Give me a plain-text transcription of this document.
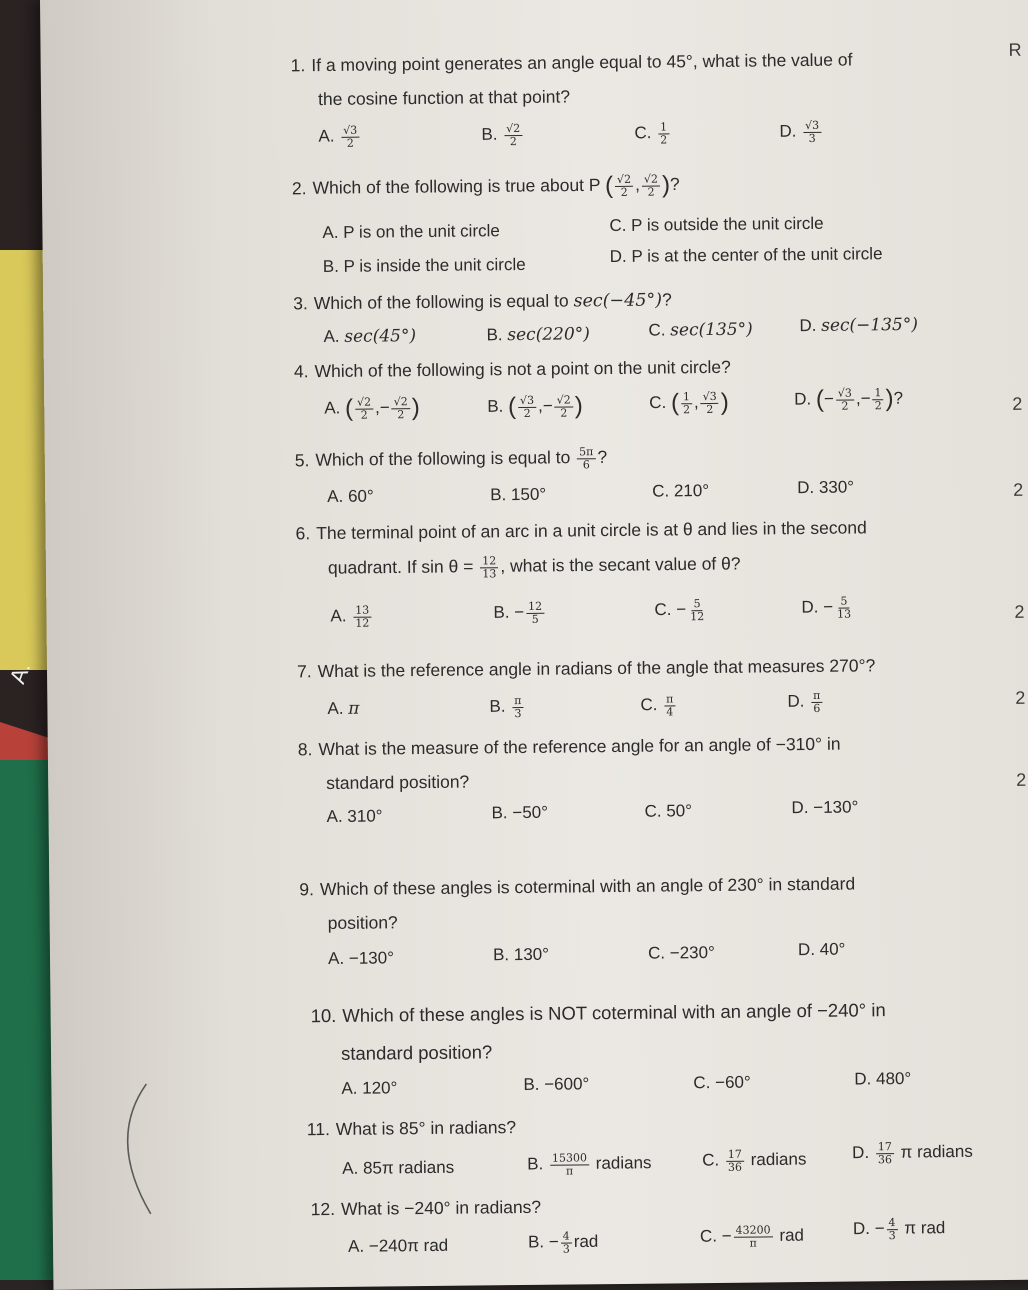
A.
1. If a moving point generates an angle equal to 45°, what is the value of
the cosine function at that point?
A. $\frac{√3}{2}$	B. $\frac{√2}{2}$	C. $\frac{1}{2}$	D. $\frac{√3}{3}$
2. Which of the following is true about P ( $\frac{√2}{2}$ , $\frac{√2}{2}$ )?
A. P is on the unit circle
B. P is inside the unit circle
C. P is outside the unit circle
D. P is at the center of the unit circle
3. Which of the following is equal to sec(−45°)?
A. sec(45°)	B. sec(220°)	C. sec(135°)	D. sec(−135°)
4. Which of the following is not a point on the unit circle?
A. ( $\frac{√2}{2}$ ,− $\frac{√2}{2}$ )	B. ( $\frac{√3}{2}$ ,− $\frac{√2}{2}$ )	C. ( $\frac{1}{2}$ , $\frac{√3}{2}$ )	D. (− $\frac{√3}{2}$ ,− $\frac{1}{2}$ )?
5. Which of the following is equal to $\frac{5\pi}{6}$ ?
A. 60°	B. 150°	C. 210°	D. 330°
6. The terminal point of an arc in a unit circle is at θ and lies in the second
quadrant. If $\sin \theta = \frac{12}{13}$ , what is the secant value of θ?
A. $\frac{13}{12}$	B. − $\frac{12}{5}$	C. − $\frac{5}{12}$	D. − $\frac{5}{13}$
7. What is the reference angle in radians of the angle that measures 270°?
A. π	B. $\frac{\pi}{3}$	C. $\frac{\pi}{4}$	D. $\frac{\pi}{6}$
8. What is the measure of the reference angle for an angle of −310° in
standard position?
A. 310°	B. −50°	C. 50°	D. −130°
9. Which of these angles is coterminal with an angle of 230° in standard
position?
A. −130°	B. 130°	C. −230°	D. 40°
10. Which of these angles is NOT coterminal with an angle of −240° in
standard position?
A. 120°	B. −600°	C. −60°	D. 480°
11. What is 85° in radians?
A. 85π radians	B. $\frac{15300}{\pi}$ radians	C. $\frac{17}{36}$ radians	D. $\frac{17}{36}$ π radians
12. What is −240° in radians?
A. −240π rad	B. − $\frac{4}{3}$ rad	C. − $\frac{43200}{\pi}$ rad	D. − $\frac{4}{3}$ π rad
R
2
2
2
2
2
